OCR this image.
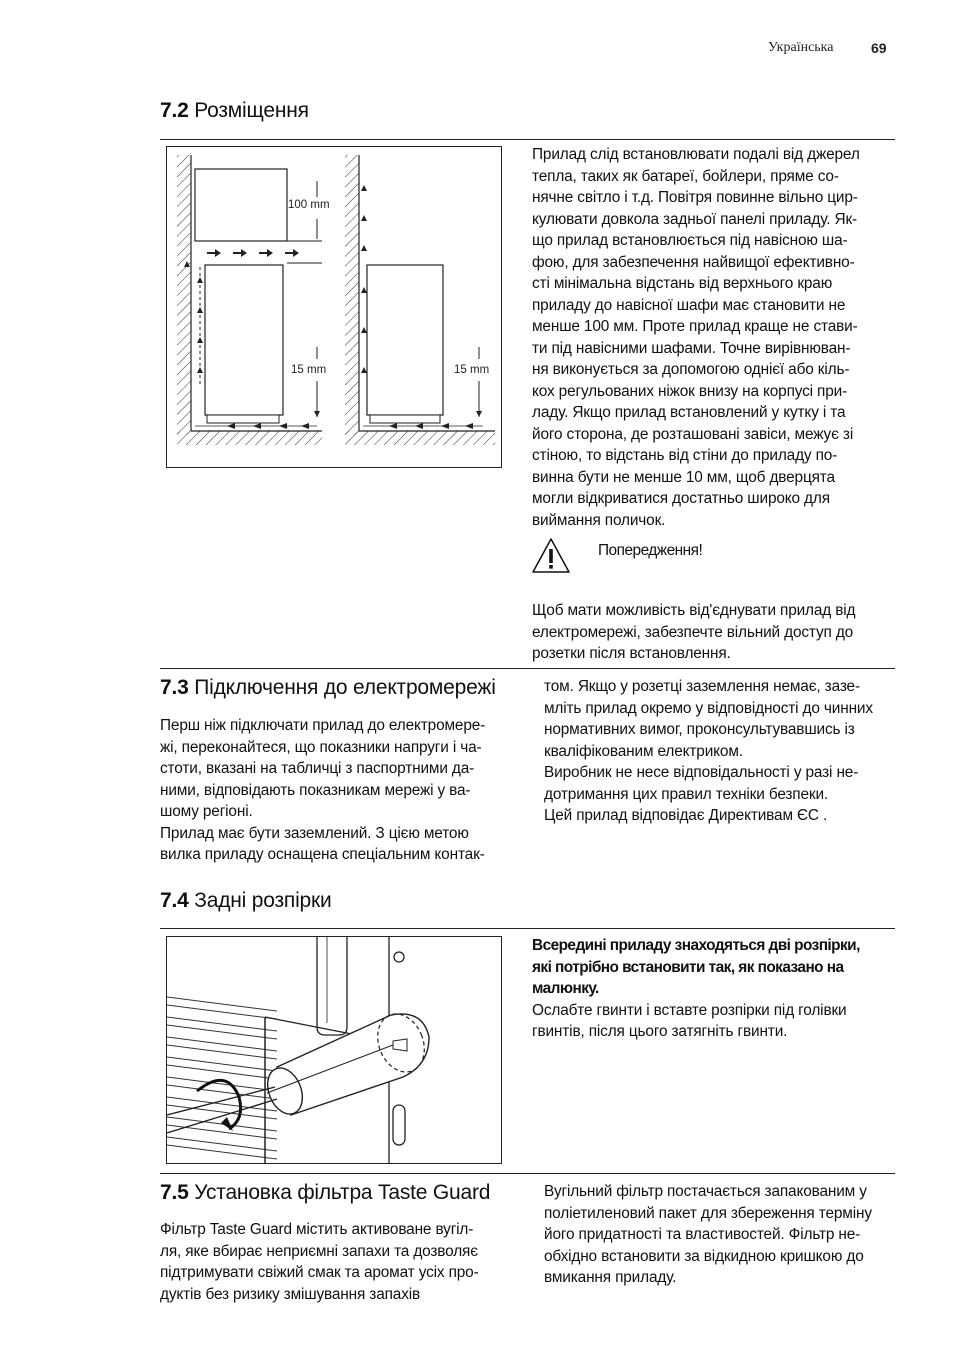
Українська	69
7.2 Розміщення
100 mm
15 mm	15 mm
Прилад слід встановлювати подалі від джерел
тепла, таких як батареї, бойлери, пряме со-
нячне світло і т.д. Повітря повинне вільно цир-
кулювати довкола задньої панелі приладу. Як-
що прилад встановлюється під навісною ша-
фою, для забезпечення найвищої ефективно-
сті мінімальна відстань від верхнього краю
приладу до навісної шафи має становити не
менше 100 мм. Проте прилад краще не стави-
ти під навісними шафами. Точне вирівнюван-
ня виконується за допомогою однієї або кіль-
кох регульованих ніжок внизу на корпусі при-
ладу. Якщо прилад встановлений у кутку і та
його сторона, де розташовані завіси, межує зі
стіною, то відстань від стіни до приладу по-
винна бути не менше 10 мм, щоб дверцята
могли відкриватися достатньо широко для
виймання поличок.
Попередження!
Щоб мати можливість від'єднувати прилад від
електромережі, забезпечте вільний доступ до
розетки після встановлення.
7.3 Підключення до електромережі
Перш ніж підключати прилад до електромере-
жі, переконайтеся, що показники напруги і ча-
стоти, вказані на табличці з паспортними да-
ними, відповідають показникам мережі у ва-
шому регіоні.
Прилад має бути заземлений. З цією метою
вилка приладу оснащена спеціальним контак-
том. Якщо у розетці заземлення немає, зазе-
мліть прилад окремо у відповідності до чинних
нормативних вимог, проконсультувавшись із
кваліфікованим електриком.
Виробник не несе відповідальності у разі не-
дотримання цих правил техніки безпеки.
Цей прилад відповідає Директивам ЄС .
7.4 Задні розпірки
Всередині приладу знаходяться дві розпірки,
які потрібно встановити так, як показано на
малюнку.
Ослабте гвинти і вставте розпірки під голівки
гвинтів, після цього затягніть гвинти.
7.5 Установка фільтра Taste Guard
Фільтр Taste Guard містить активоване вугіл-
ля, яке вбирає неприємні запахи та дозволяє
підтримувати свіжий смак та аромат усіх про-
дуктів без ризику змішування запахів
Вугільний фільтр постачається запакованим у
поліетиленовий пакет для збереження терміну
його придатності та властивостей. Фільтр не-
обхідно встановити за відкидною кришкою до
вмикання приладу.
